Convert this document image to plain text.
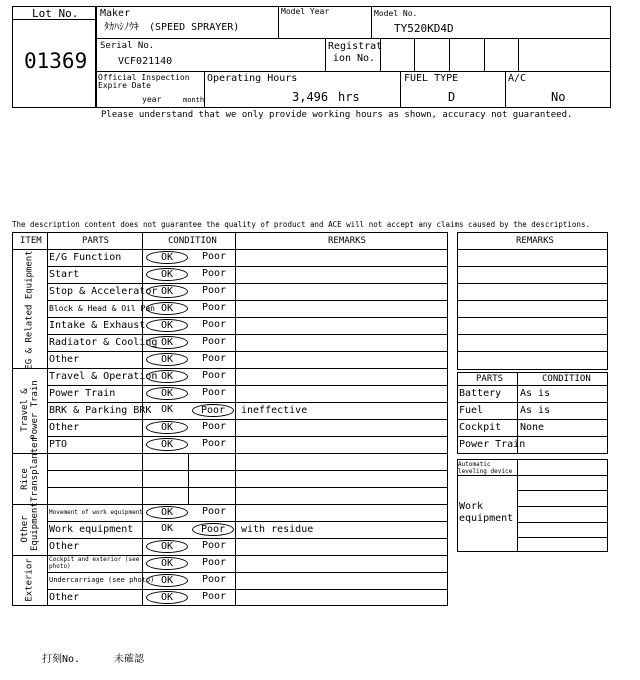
Lot No.
01369
Maker
ﾀｶﾊｼﾉｳｷ　(SPEED SPRAYER)
Model Year	Model No.
TY520KD4D
Serial No.
VCF021140
Registrat ion No.
Official Inspection
Expire Date
year	month
Operating Hours
3,496 hrs
FUEL TYPE
D
A/C
No
Please understand that we only provide working hours as shown, accuracy not guaranteed.
The description content does not guarantee the quality of product and ACE will not accept any claims caused by the descriptions.
ITEM	PARTS	CONDITION	REMARKS
EG & Related Equipment
Travel & Power Train
Rice Transplanter
Other Equipment
Exterior
E/G Function	OK	Poor
Start	OK	Poor
Stop & Accelerator OK	Poor
Block & Head & Oil Pan OK	Poor
Intake & Exhaust	OK	Poor
Radiator & Cooling OK	Poor
Other	OK	Poor
Travel & Operation OK	Poor
Power Train	OK	Poor
BRK & Parking BRK OK	Poor	ineffective
Other	OK	Poor
PTO	OK	Poor
Movement of work equipment	OK	Poor
Work equipment	OK	Poor	with residue
Other	OK	Poor
Cockpit and exterior (see photo)	OK	Poor
Undercarriage (see photo) OK	Poor
Other	OK	Poor
REMARKS
PARTS	CONDITION
Automatic leveling device
Work equipment
打刻No.	未確認
Battery As is
Fuel	As is
Cockpit None
Power Train
